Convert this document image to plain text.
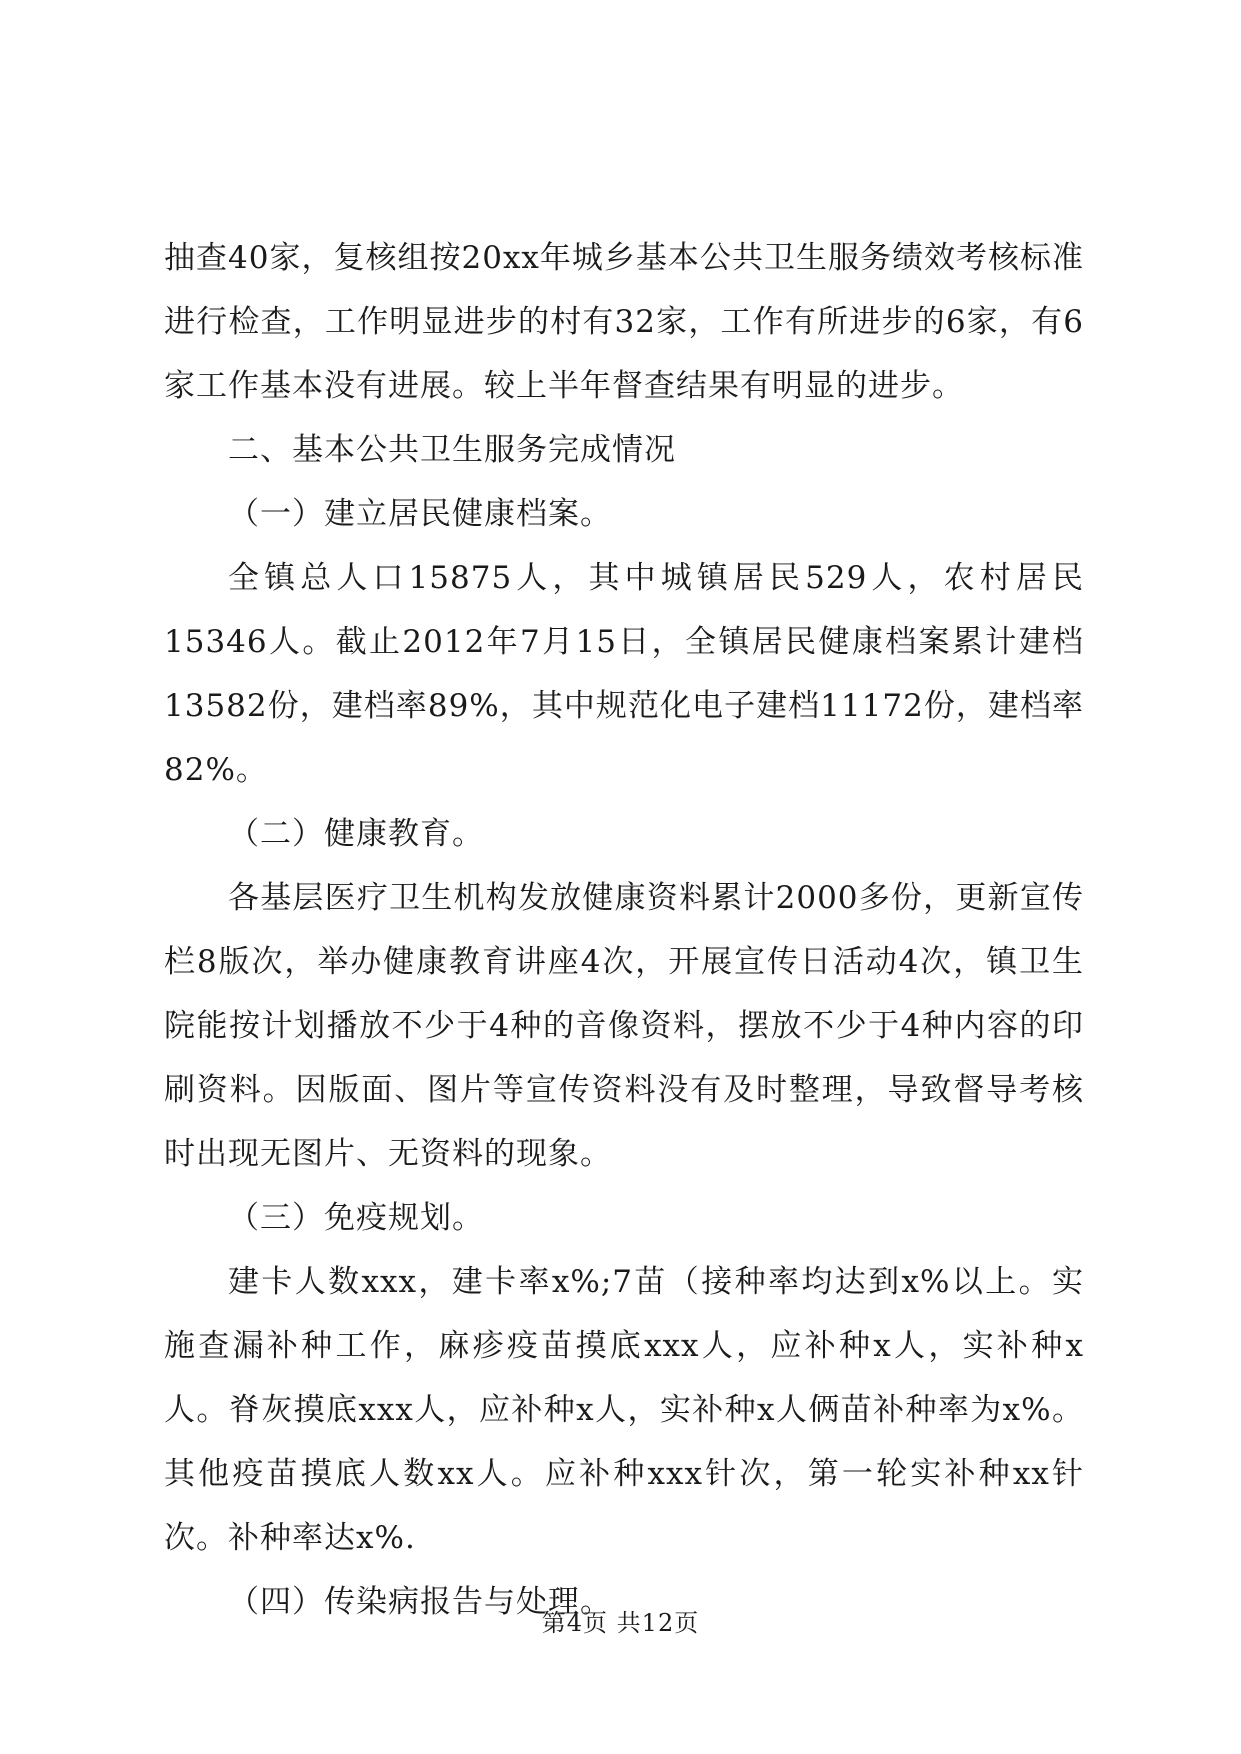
抽查40家，复核组按20xx年城乡基本公共卫生服务绩效考核标准进行检查，工作明显进步的村有32家，工作有所进步的6家，有6家工作基本没有进展。较上半年督查结果有明显的进步。

二、基本公共卫生服务完成情况

（一）建立居民健康档案。

全镇总人口15875人，其中城镇居民529人，农村居民15346人。截止2012年7月15日，全镇居民健康档案累计建档13582份，建档率89%，其中规范化电子建档11172份，建档率82%。

（二）健康教育。

各基层医疗卫生机构发放健康资料累计2000多份，更新宣传栏8版次，举办健康教育讲座4次，开展宣传日活动4次，镇卫生院能按计划播放不少于4种的音像资料，摆放不少于4种内容的印刷资料。因版面、图片等宣传资料没有及时整理，导致督导考核时出现无图片、无资料的现象。

（三）免疫规划。

建卡人数xxx，建卡率x%;7苗（接种率均达到x%以上。实施查漏补种工作，麻疹疫苗摸底xxx人，应补种x人，实补种x人。脊灰摸底xxx人，应补种x人，实补种x人俩苗补种率为x%。其他疫苗摸底人数xx人。应补种xxx针次，第一轮实补种xx针次。补种率达x%.

（四）传染病报告与处理。

第4页 共12页
